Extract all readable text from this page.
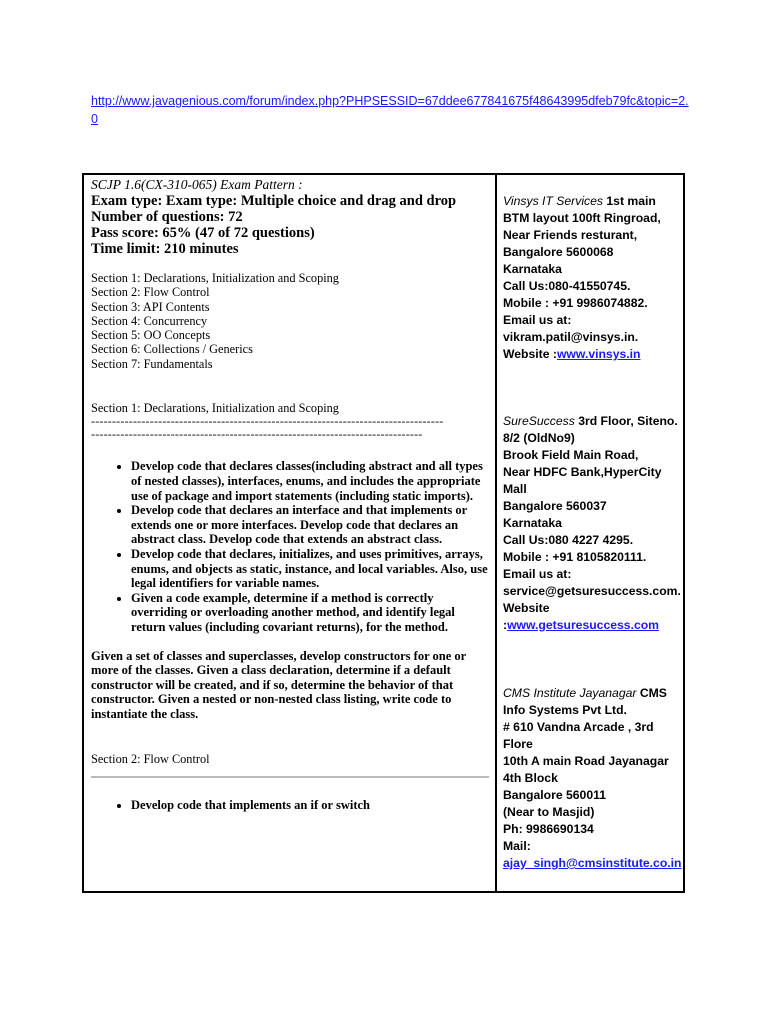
http://www.javagenious.com/forum/index.php?PHPSESSID=67ddee677841675f48643995dfeb79fc&topic=2.0
SCJP 1.6(CX-310-065) Exam Pattern :
Exam type: Exam type: Multiple choice and drag and drop
Number of questions: 72
Pass score: 65% (47 of 72 questions)
Time limit: 210 minutes
Section 1: Declarations, Initialization and Scoping
Section 2: Flow Control
Section 3: API Contents
Section 4: Concurrency
Section 5: OO Concepts
Section 6: Collections / Generics
Section 7: Fundamentals
Section 1: Declarations, Initialization and Scoping
------------------------------------------------------------------------------------
-------------------------------------------------------------------------------
• Develop code that declares classes(including abstract and all types of nested classes), interfaces, enums, and includes the appropriate use of package and import statements (including static imports).
• Develop code that declares an interface and that implements or extends one or more interfaces. Develop code that declares an abstract class. Develop code that extends an abstract class.
• Develop code that declares, initializes, and uses primitives, arrays, enums, and objects as static, instance, and local variables. Also, use legal identifiers for variable names.
• Given a code example, determine if a method is correctly overriding or overloading another method, and identify legal return values (including covariant returns), for the method.
Given a set of classes and superclasses, develop constructors for one or more of the classes. Given a class declaration, determine if a default constructor will be created, and if so, determine the behavior of that constructor. Given a nested or non-nested class listing, write code to instantiate the class.
Section 2: Flow Control
• Develop code that implements an if or switch
Vinsys IT Services 1st main
BTM layout 100ft Ringroad,
Near Friends resturant,
Bangalore 5600068
Karnataka
Call Us:080-41550745.
Mobile : +91 9986074882.
Email us at:
vikram.patil@vinsys.in.
Website :www.vinsys.in
SureSuccess 3rd Floor, Siteno.
8/2 (OldNo9)
Brook Field Main Road,
Near HDFC Bank,HyperCity
Mall
Bangalore 560037
Karnataka
Call Us:080 4227 4295.
Mobile : +91 8105820111.
Email us at:
service@getsuresuccess.com.
Website
:www.getsuresuccess.com
CMS Institute Jayanagar CMS
Info Systems Pvt Ltd.
# 610 Vandna Arcade , 3rd
Flore
10th A main Road Jayanagar
4th Block
Bangalore 560011
(Near to Masjid)
Ph: 9986690134
Mail:
ajay_singh@cmsinstitute.co.in
